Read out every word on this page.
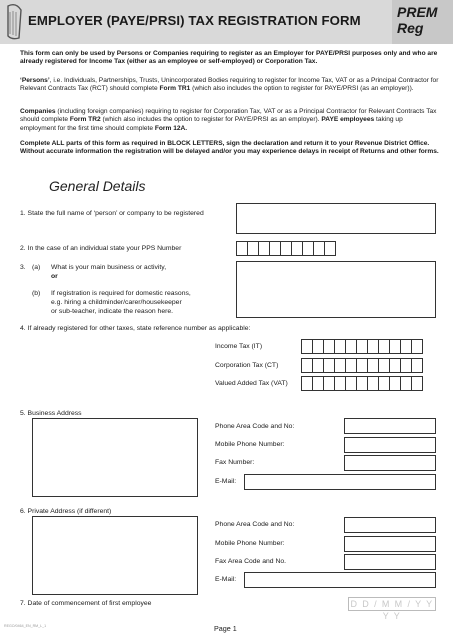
EMPLOYER (PAYE/PRSI) TAX REGISTRATION FORM
PREM
Reg

This form can only be used by Persons or Companies requiring to register as an Employer for PAYE/PRSI purposes only and who are already registered for Income Tax (either as an employee or self-employed) or Corporation Tax.

‘Persons’, i.e. Individuals, Partnerships, Trusts, Unincorporated Bodies requiring to register for Income Tax, VAT or as a Principal Contractor for Relevant Contracts Tax (RCT) should complete Form TR1 (which also includes the option to register for PAYE/PRSI (as an employer)).

Companies (including foreign companies) requiring to register for Corporation Tax, VAT or as a Principal Contractor for Relevant Contracts Tax should complete Form TR2 (which also includes the option to register for PAYE/PRSI as an employer). PAYE employees taking up employment for the first time should complete Form 12A.

Complete ALL parts of this form as required in BLOCK LETTERS, sign the declaration and return it to your Revenue District Office. Without accurate information the registration will be delayed and/or you may experience delays in receipt of Returns and other forms.

General Details
1. State the full name of ‘person’ or company to be registered
2. In the case of an individual state your PPS Number
3. (a) What is your main business or activity,
or
(b) If registration is required for domestic reasons,
e.g. hiring a childminder/carer/housekeeper
or sub-teacher, indicate the reason here.
4. If already registered for other taxes, state reference number as applicable:
Income Tax (IT)
Corporation Tax (CT)
Valued Added Tax (VAT)
5. Business Address
Phone Area Code and No:
Mobile Phone Number:
Fax Number:
E-Mail:
6. Private Address (if different)
Phone Area Code and No:
Mobile Phone Number:
Fax Area Code and No.
E-Mail:
7. Date of commencement of first employee	D D / M M / Y Y Y Y
REGO/0464_EN_RM_L_1	Page 1
